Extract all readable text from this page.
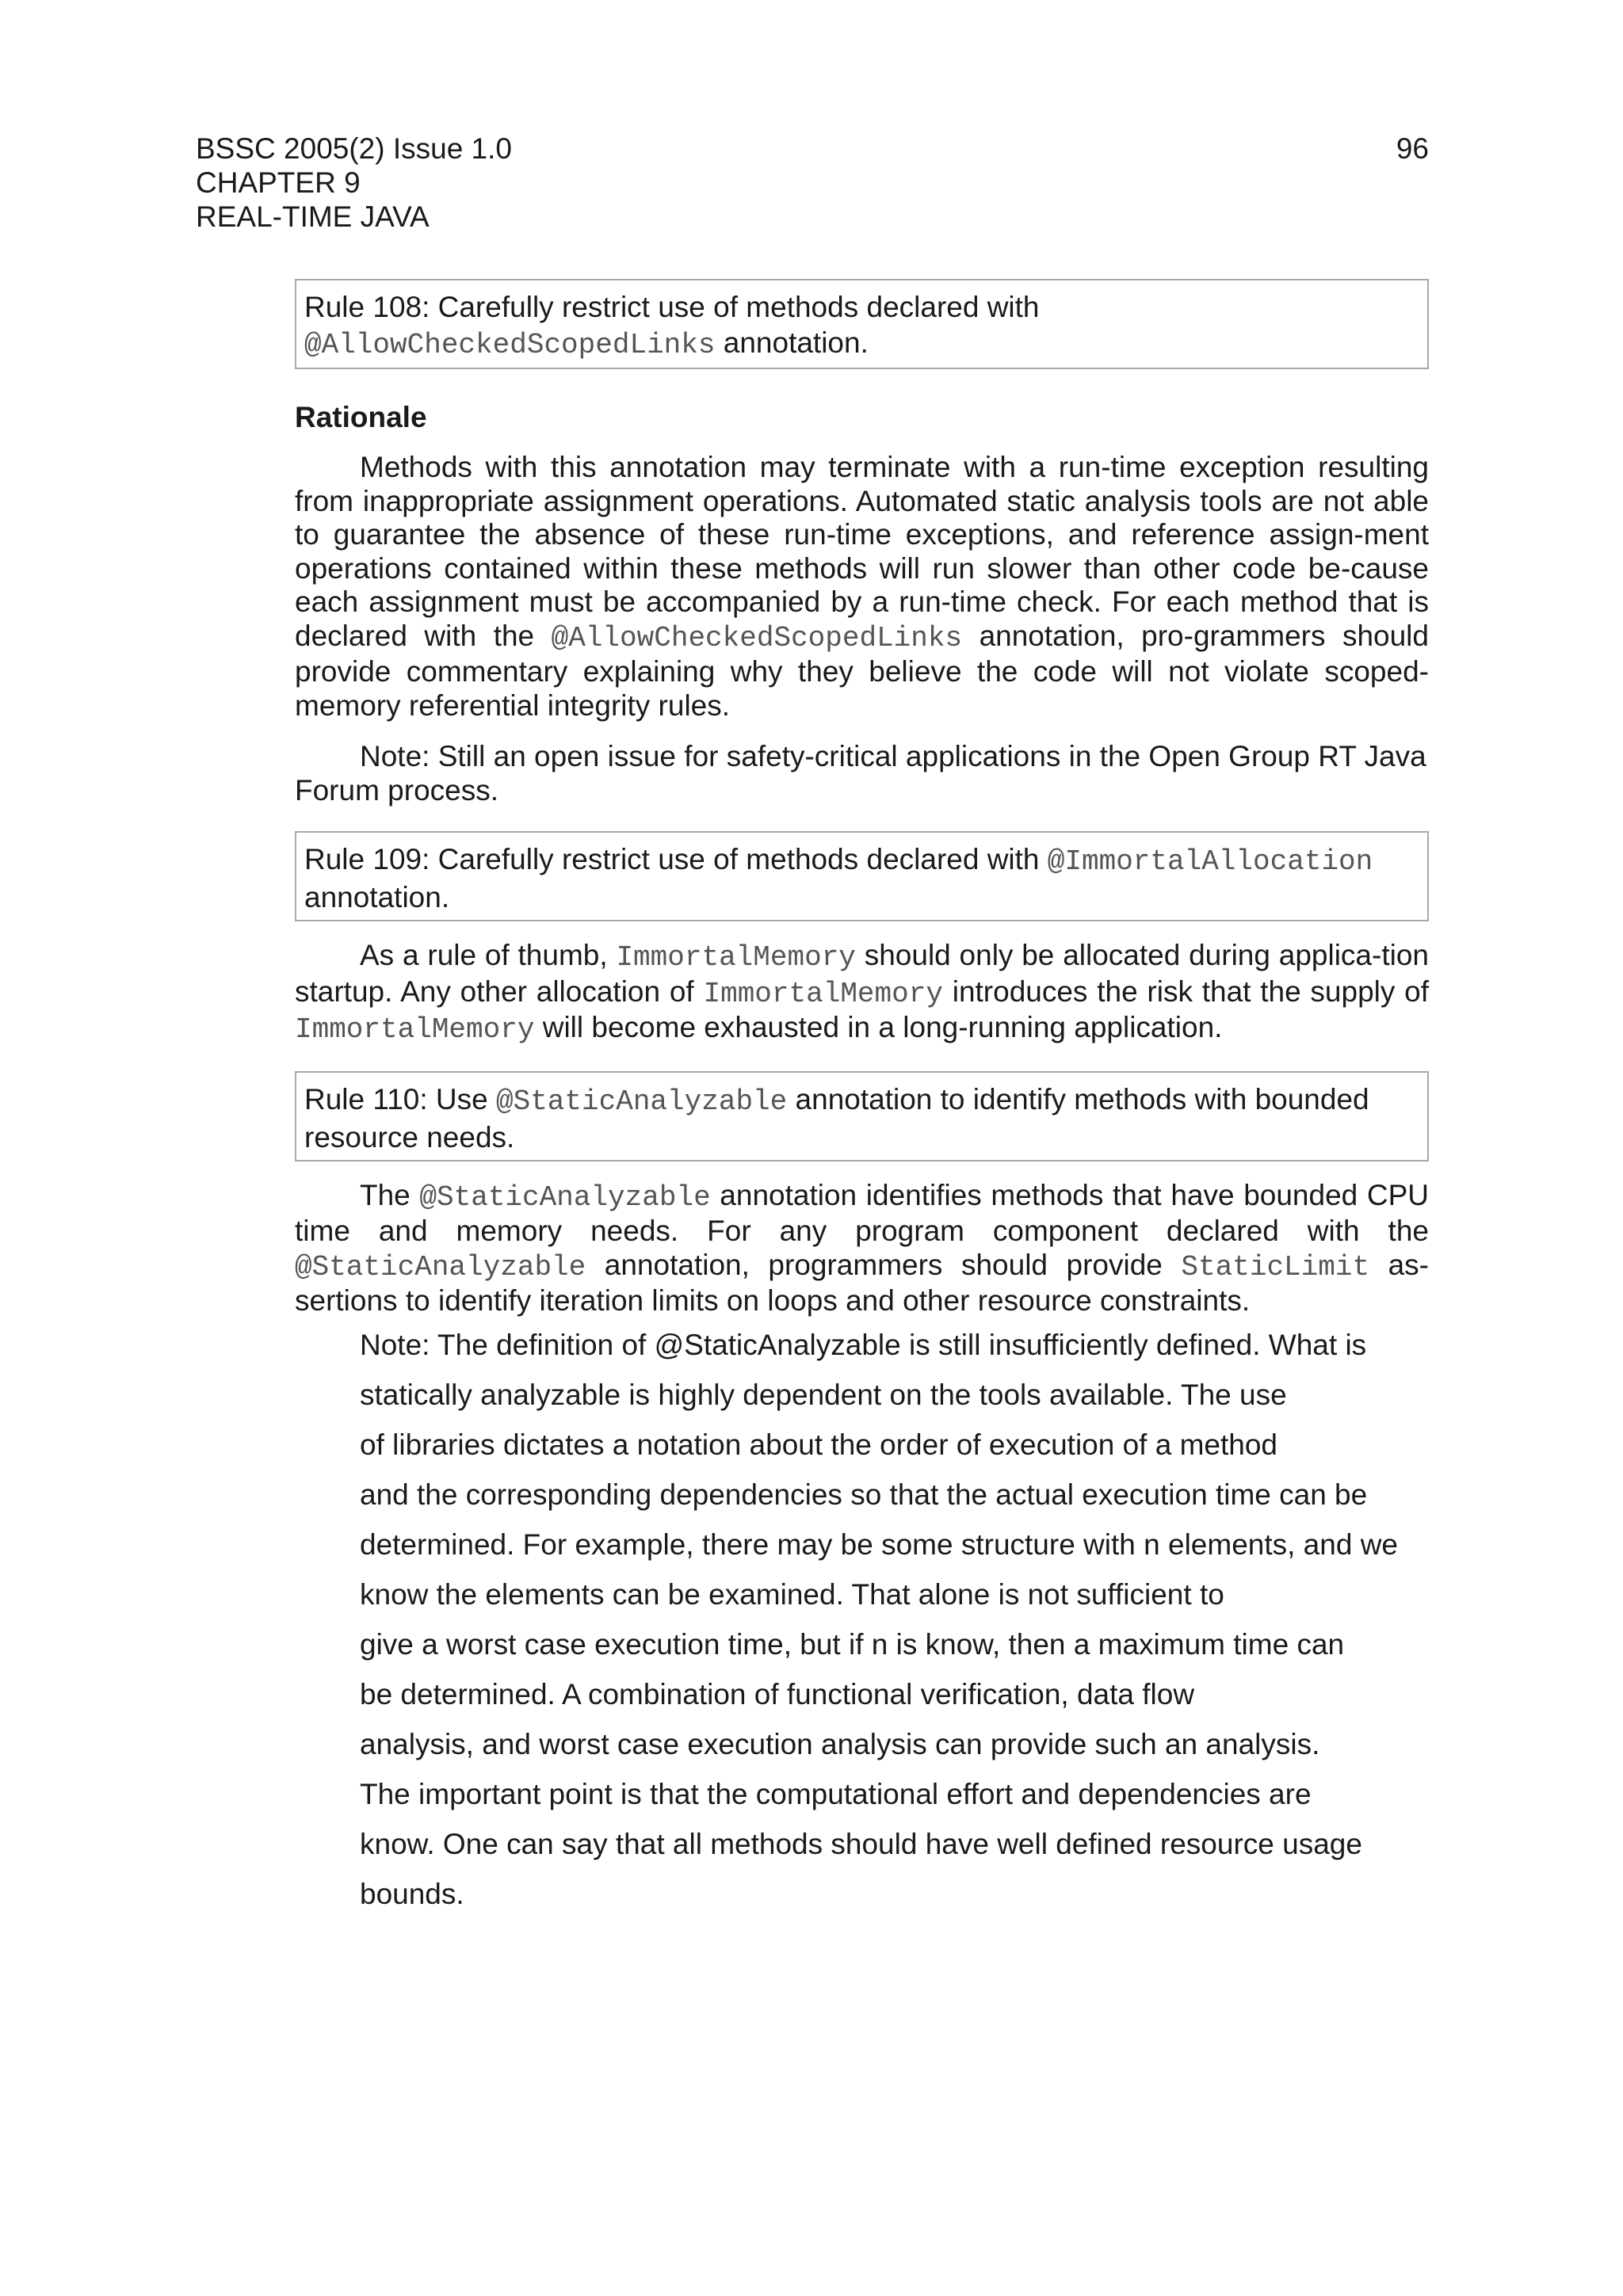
BSSC 2005(2) Issue 1.0
CHAPTER 9
REAL-TIME JAVA
96
Rule 108: Carefully restrict use of methods declared with
@AllowCheckedScopedLinks annotation.
Rationale

Methods with this annotation may terminate with a run-time exception resulting from inappropriate assignment operations. Automated static analysis tools are not able to guarantee the absence of these run-time exceptions, and reference assign-ment operations contained within these methods will run slower than other code be-cause each assignment must be accompanied by a run-time check. For each method that is declared with the @AllowCheckedScopedLinks annotation, pro-grammers should provide commentary explaining why they believe the code will not violate scoped-memory referential integrity rules.

Note: Still an open issue for safety-critical applications in the Open Group RT Java Forum process.

Rule 109: Carefully restrict use of methods declared with @ImmortalAllocation
annotation.

As a rule of thumb, ImmortalMemory should only be allocated during applica-tion startup. Any other allocation of ImmortalMemory introduces the risk that the supply of ImmortalMemory will become exhausted in a long-running application.

Rule 110: Use @StaticAnalyzable annotation to identify methods with bounded resource needs.

The @StaticAnalyzable annotation identifies methods that have bounded CPU time and memory needs. For any program component declared with the @StaticAnalyzable annotation, programmers should provide StaticLimit as-sertions to identify iteration limits on loops and other resource constraints.

Note: The definition of @StaticAnalyzable is still insufficiently defined. What is
statically analyzable is highly dependent on the tools available. The use
of libraries dictates a notation about the order of execution of a method
and the corresponding dependencies so that the actual execution time can be
determined. For example, there may be some structure with n elements, and we
know the elements can be examined. That alone is not sufficient to
give a worst case execution time, but if n is know, then a maximum time can
be determined. A combination of functional verification, data flow
analysis, and worst case execution analysis can provide such an analysis.
The important point is that the computational effort and dependencies are
know. One can say that all methods should have well defined resource usage
bounds.
